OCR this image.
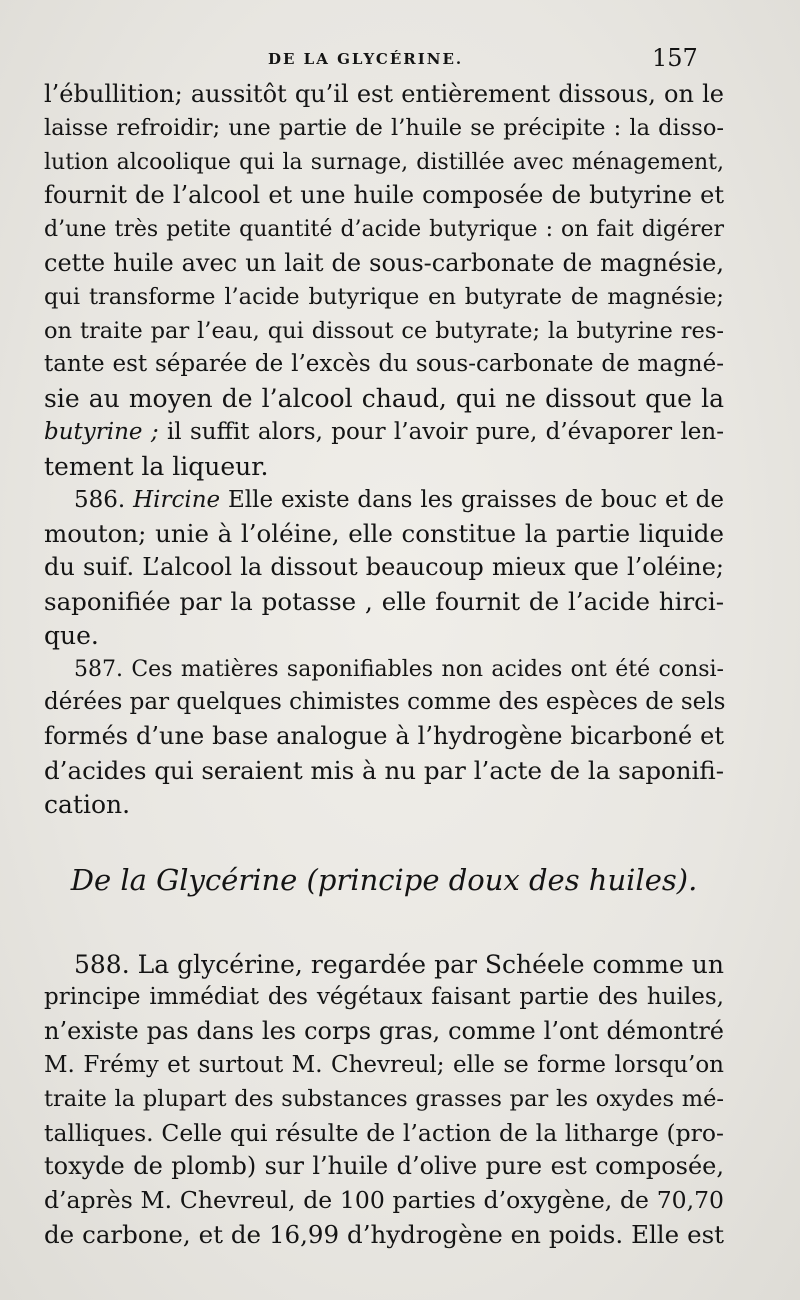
DE LA GLYCÉRINE.	157
l’ébullition; aussitôt qu’il est entièrement dissous, on le
laisse refroidir; une partie de l’huile se précipite : la disso-
lution alcoolique qui la surnage, distillée avec ménagement,
fournit de l’alcool et une huile composée de butyrine et
d’une très petite quantité d’acide butyrique : on fait digérer
cette huile avec un lait de sous-carbonate de magnésie,
qui transforme l’acide butyrique en butyrate de magnésie;
on traite par l’eau, qui dissout ce butyrate; la butyrine res-
tante est séparée de l’excès du sous-carbonate de magné-
sie au moyen de l’alcool chaud, qui ne dissout que la
butyrine ; il suffit alors, pour l’avoir pure, d’évaporer len-
tement la liqueur.
586. Hircine Elle existe dans les graisses de bouc et de
mouton; unie à l’oléine, elle constitue la partie liquide
du suif. L’alcool la dissout beaucoup mieux que l’oléine;
saponifiée par la potasse , elle fournit de l’acide hirci-
que.
587. Ces matières saponifiables non acides ont été consi-
dérées par quelques chimistes comme des espèces de sels
formés d’une base analogue à l’hydrogène bicarboné et
d’acides qui seraient mis à nu par l’acte de la saponifi-
cation.
De la Glycérine (principe doux des huiles).
588. La glycérine, regardée par Schéele comme un
principe immédiat des végétaux faisant partie des huiles,
n’existe pas dans les corps gras, comme l’ont démontré
M. Frémy et surtout M. Chevreul; elle se forme lorsqu’on
traite la plupart des substances grasses par les oxydes mé-
talliques. Celle qui résulte de l’action de la litharge (pro-
toxyde de plomb) sur l’huile d’olive pure est composée,
d’après M. Chevreul, de 100 parties d’oxygène, de 70,70
de carbone, et de 16,99 d’hydrogène en poids. Elle est
